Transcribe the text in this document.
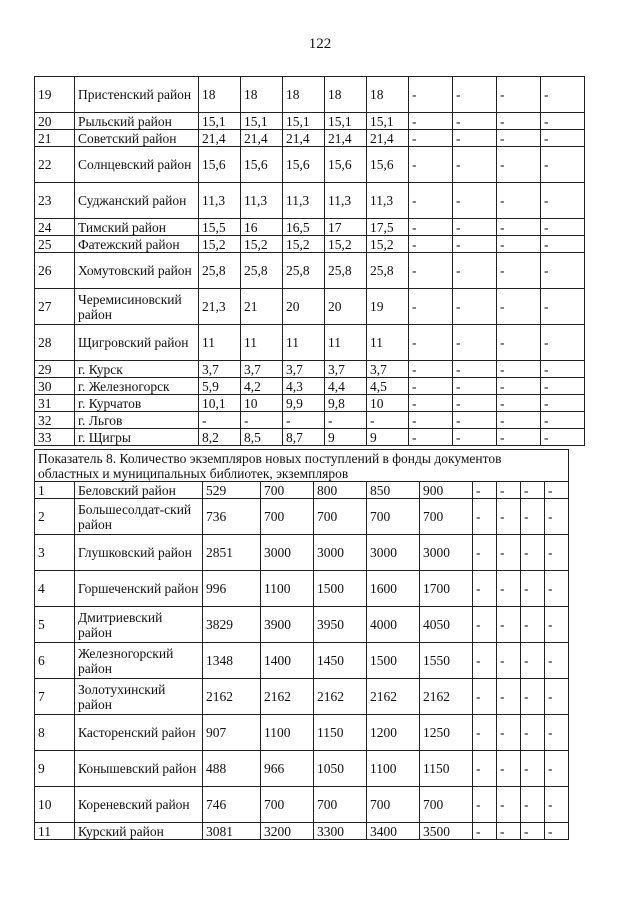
122
19	Пристенский район	18	18	18	18	18	-	-	-	-
20	Рыльский район	15,1	15,1	15,1	15,1	15,1	-	-	-	-
21	Советский район	21,4	21,4	21,4	21,4	21,4	-	-	-	-
22	Солнцевский район	15,6	15,6	15,6	15,6	15,6	-	-	-	-
23	Суджанский район	11,3	11,3	11,3	11,3	11,3	-	-	-	-
24	Тимский район	15,5	16	16,5	17	17,5	-	-	-	-
25	Фатежский район	15,2	15,2	15,2	15,2	15,2	-	-	-	-
26	Хомутовский район	25,8	25,8	25,8	25,8	25,8	-	-	-	-
27	Черемисиновский район	21,3	21	20	20	19	-	-	-	-
28	Щигровский район	11	11	11	11	11	-	-	-	-
29	г. Курск	3,7	3,7	3,7	3,7	3,7	-	-	-	-
30	г. Железногорск	5,9	4,2	4,3	4,4	4,5	-	-	-	-
31	г. Курчатов	10,1	10	9,9	9,8	10	-	-	-	-
32	г. Льгов	-	-	-	-	-	-	-	-	-
33	г. Щигры	8,2	8,5	8,7	9	9	-	-	-	-
Показатель 8. Количество экземпляров новых поступлений в фонды документов областных и муниципальных библиотек, экземпляров										
1	Беловский район	529	700	800	850	900	-	-	-	-
2	Большесолдат-ский район	736	700	700	700	700	-	-	-	-
3	Глушковский район	2851	3000	3000	3000	3000	-	-	-	-
4	Горшеченский район	996	1100	1500	1600	1700	-	-	-	-
5	Дмитриевский район	3829	3900	3950	4000	4050	-	-	-	-
6	Железногорский район	1348	1400	1450	1500	1550	-	-	-	-
7	Золотухинский район	2162	2162	2162	2162	2162	-	-	-	-
8	Касторенский район	907	1100	1150	1200	1250	-	-	-	-
9	Конышевский район	488	966	1050	1100	1150	-	-	-	-
10	Кореневский район	746	700	700	700	700	-	-	-	-
11	Курский район	3081	3200	3300	3400	3500	-	-	-	-
